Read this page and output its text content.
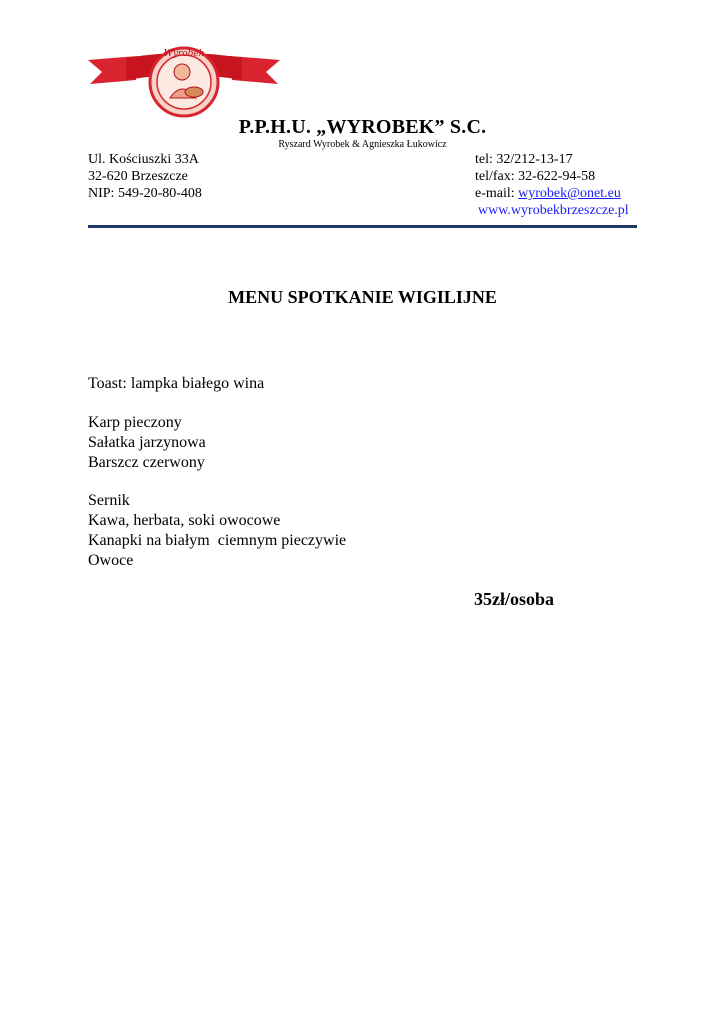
Wyrobek
P.P.H.U. „WYROBEK” S.C.
Ryszard Wyrobek & Agnieszka Łukowicz
Ul. Kościuszki 33A
32-620 Brzeszcze
NIP: 549-20-80-408
tel: 32/212-13-17
tel/fax: 32-622-94-58
e-mail: wyrobek@onet.eu
www.wyrobekbrzeszcze.pl
MENU SPOTKANIE WIGILIJNE
Toast: lampka białego wina
Karp pieczony
Sałatka jarzynowa
Barszcz czerwony
Sernik
Kawa, herbata, soki owocowe
Kanapki na białym  ciemnym pieczywie
Owoce
35zł/osoba
